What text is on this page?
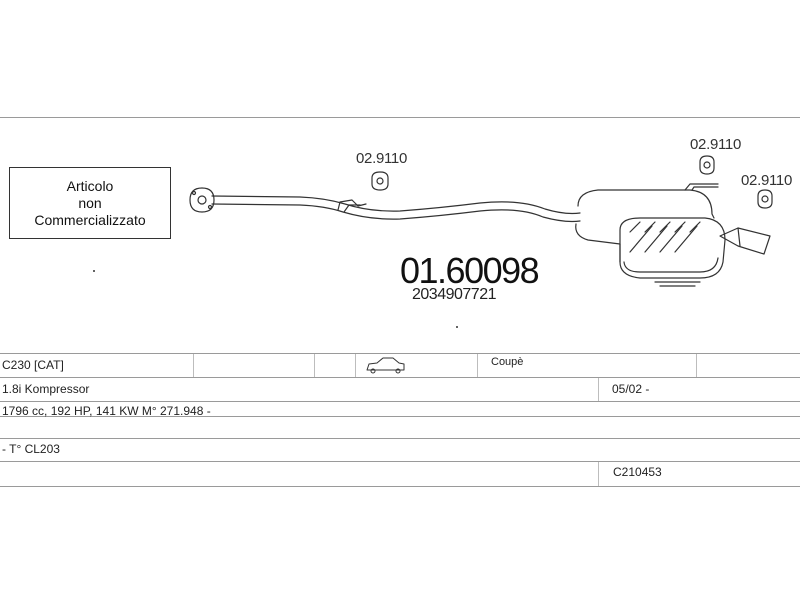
Articolo
non
Commercializzato
02.9110
02.9110
02.9110
01.60098
2034907721
C230 [CAT]	Coupè
1.8i Kompressor	05/02 -
1796 cc, 192 HP, 141 KW M° 271.948 -
- T° CL203
C210453
